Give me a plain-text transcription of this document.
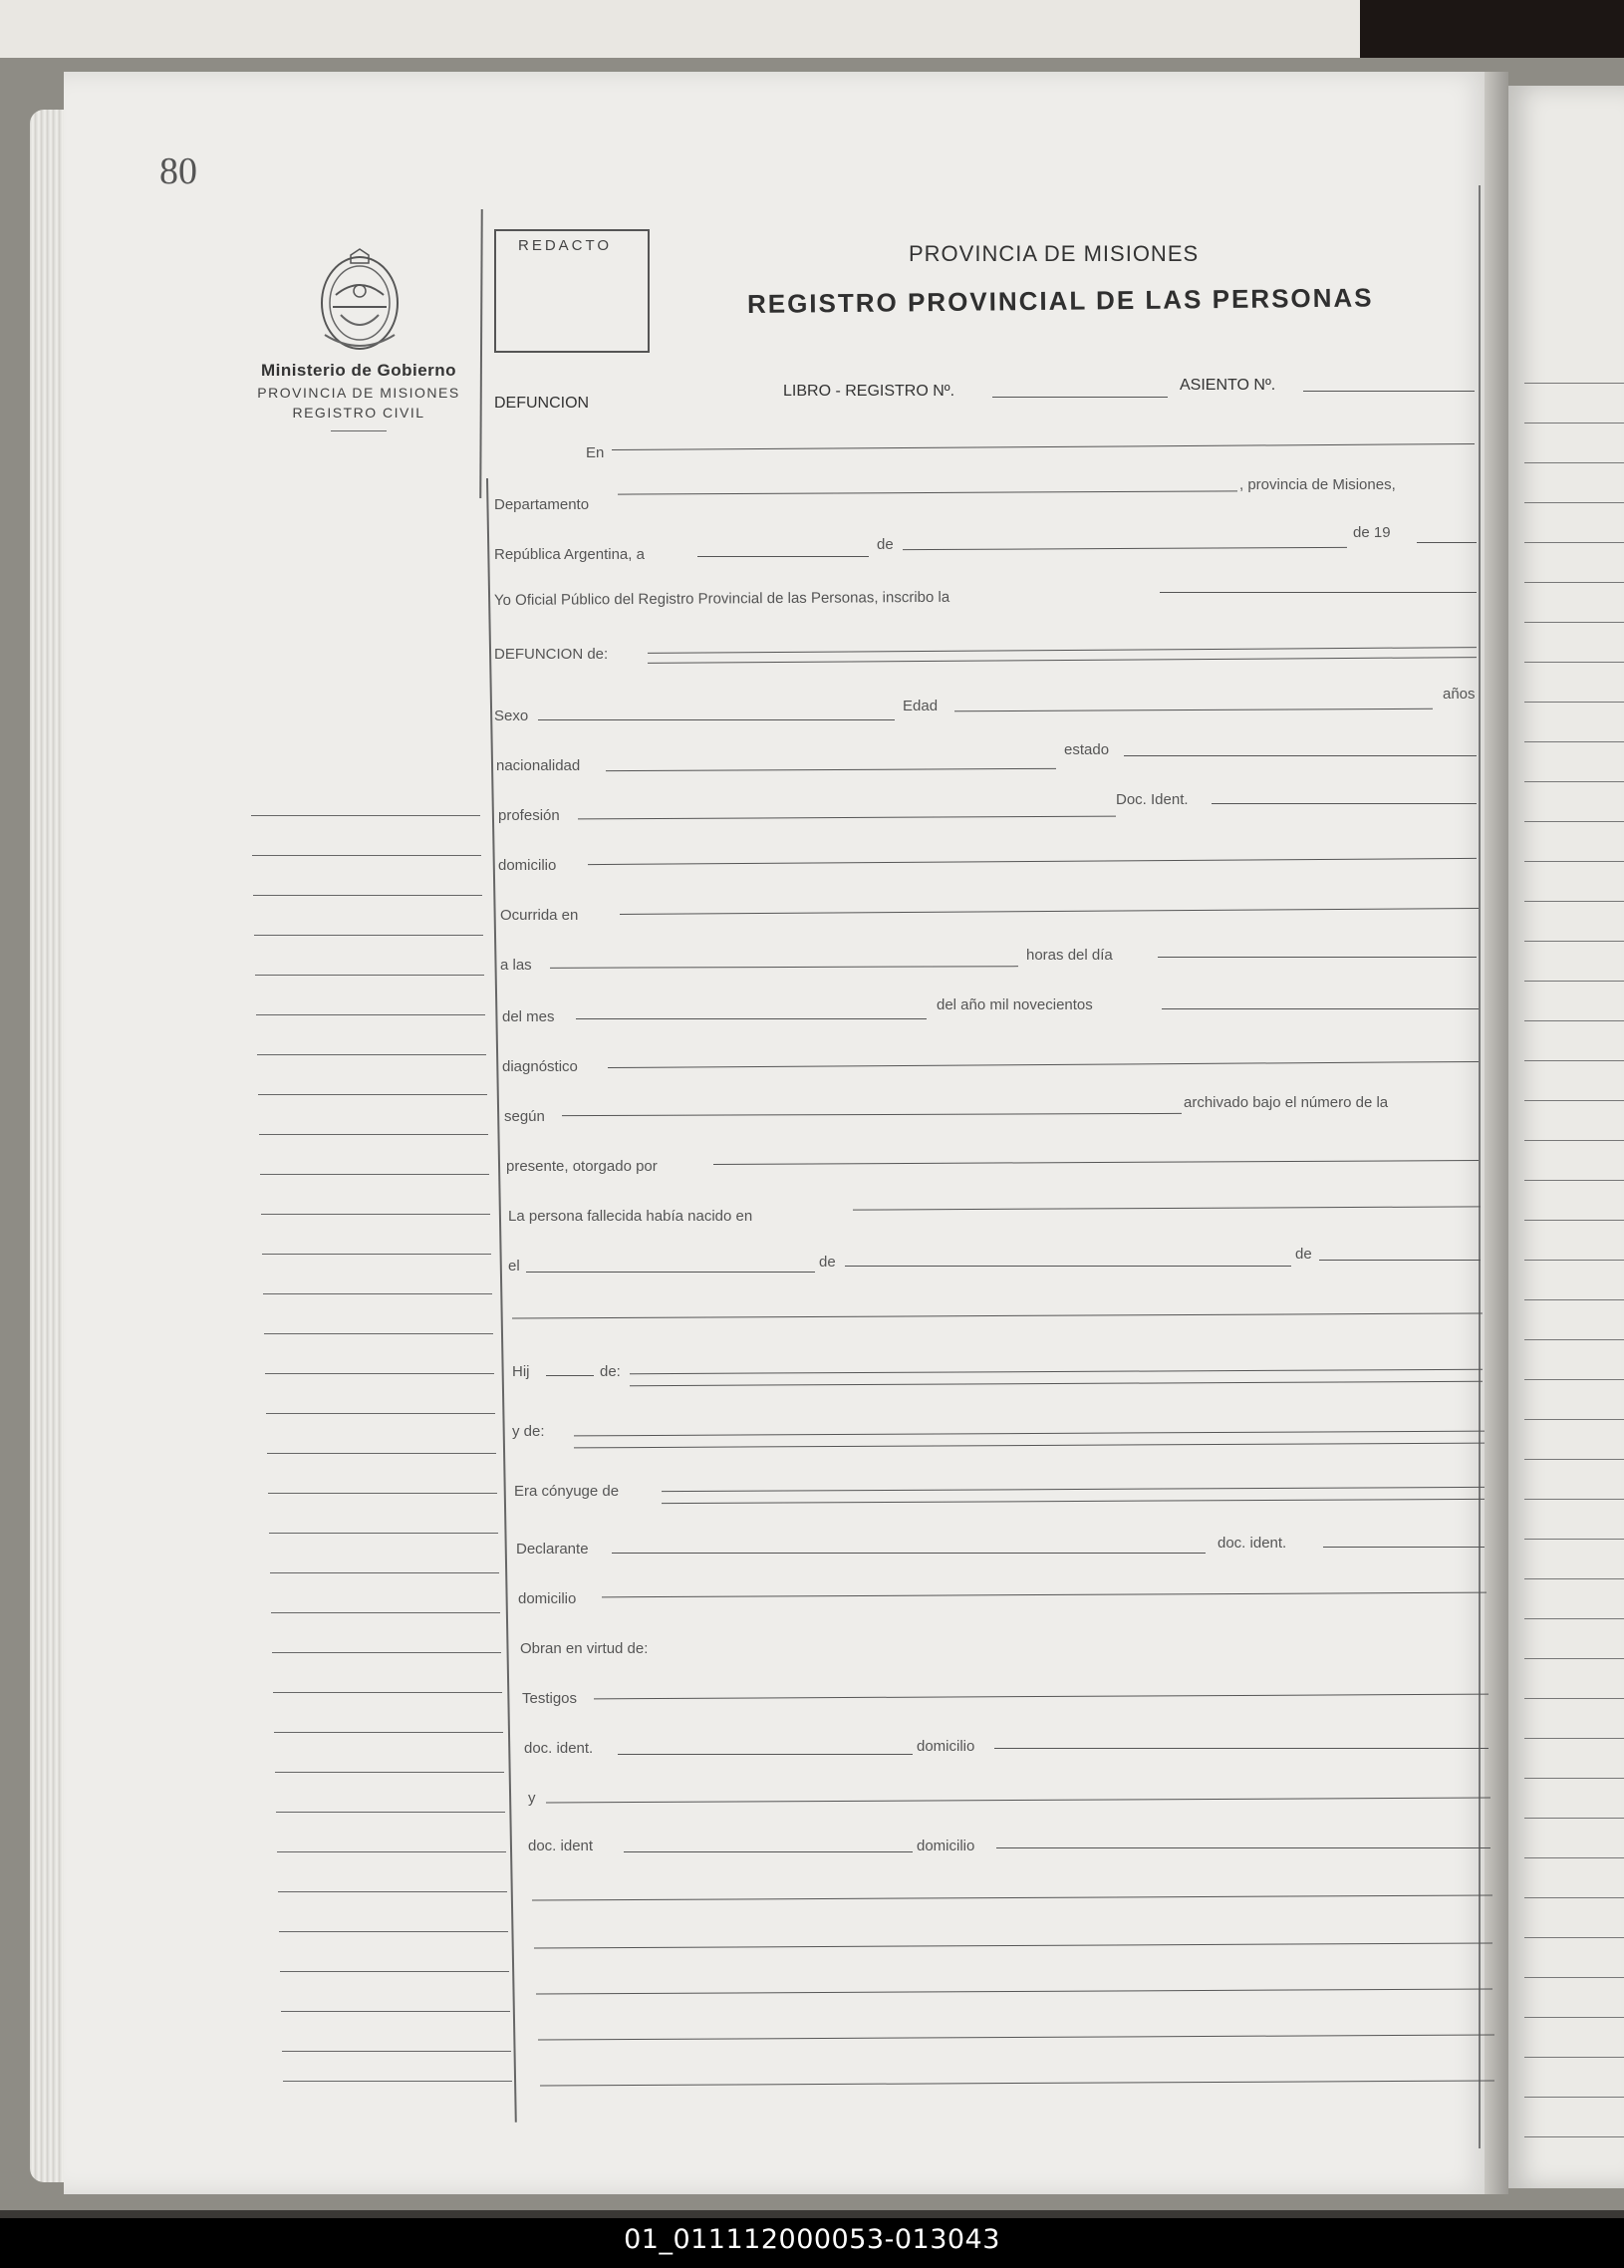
80
Ministerio de Gobierno
PROVINCIA DE MISIONES
REGISTRO CIVIL
REDACTO	PROVINCIA DE MISIONES
REGISTRO PROVINCIAL DE LAS PERSONAS
DEFUNCION
LIBRO - REGISTRO Nº.	ASIENTO Nº.
En
Departamento
, provincia de Misiones,
República Argentina, a
de
de 19
Yo Oficial Público del Registro Provincial de las Personas, inscribo la
DEFUNCION de:
Sexo
Edad
años
nacionalidad
estado
profesión
Doc. Ident.
domicilio
Ocurrida en
a las
horas del día
del mes
del año mil novecientos
diagnóstico
según
archivado bajo el número de la
presente, otorgado por
La persona fallecida había nacido en
el	de	de
Hij	de:
y de:
Era cónyuge de
Declarante	doc. ident.
domicilio
Obran en virtud de:
Testigos
doc. ident.	domicilio
y
doc. ident	domicilio
01_011112000053-013043
